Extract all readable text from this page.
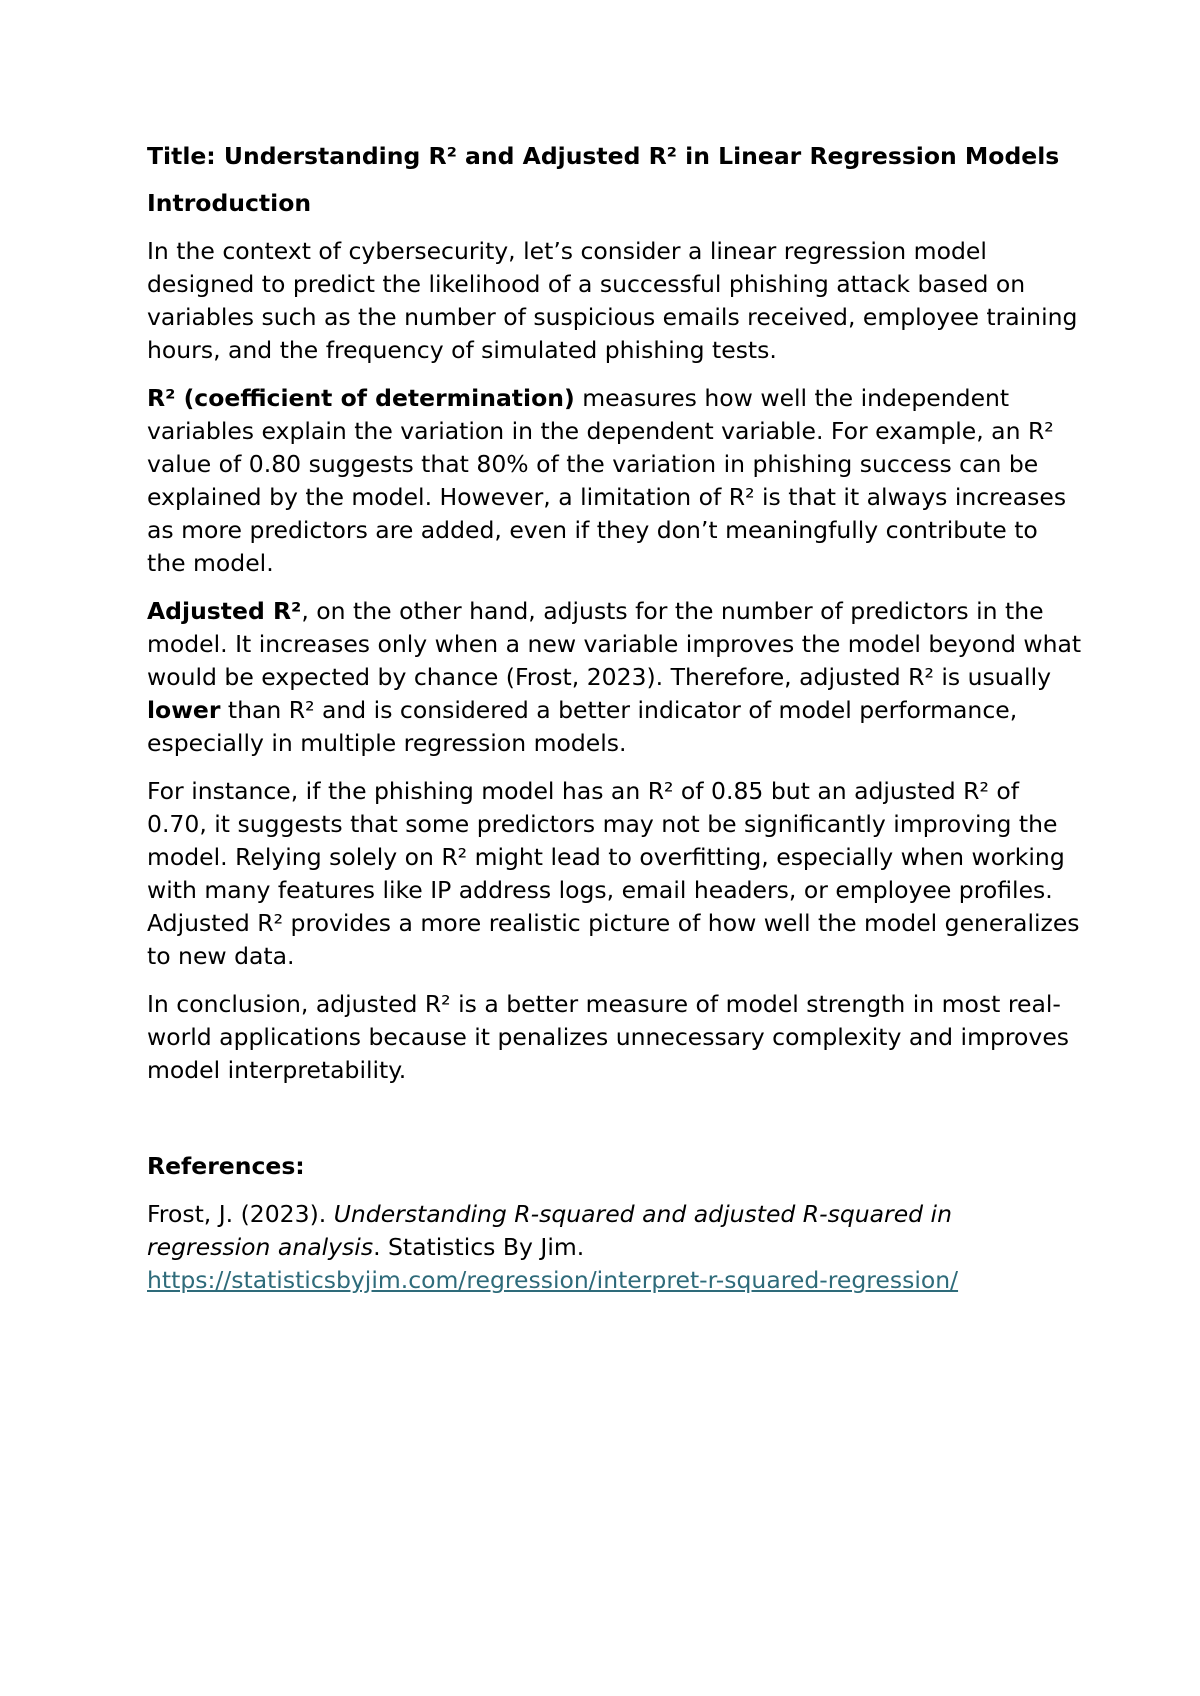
Title: Understanding R² and Adjusted R² in Linear Regression Models
Introduction

In the context of cybersecurity, let’s consider a linear regression model designed to predict the likelihood of a successful phishing attack based on variables such as the number of suspicious emails received, employee training hours, and the frequency of simulated phishing tests.

R² (coefficient of determination) measures how well the independent variables explain the variation in the dependent variable. For example, an R² value of 0.80 suggests that 80% of the variation in phishing success can be explained by the model. However, a limitation of R² is that it always increases as more predictors are added, even if they don’t meaningfully contribute to the model.

Adjusted R², on the other hand, adjusts for the number of predictors in the model. It increases only when a new variable improves the model beyond what would be expected by chance (Frost, 2023). Therefore, adjusted R² is usually lower than R² and is considered a better indicator of model performance, especially in multiple regression models.

For instance, if the phishing model has an R² of 0.85 but an adjusted R² of 0.70, it suggests that some predictors may not be significantly improving the model. Relying solely on R² might lead to overfitting, especially when working with many features like IP address logs, email headers, or employee profiles. Adjusted R² provides a more realistic picture of how well the model generalizes to new data.

In conclusion, adjusted R² is a better measure of model strength in most real-world applications because it penalizes unnecessary complexity and improves model interpretability.

References:

Frost, J. (2023). Understanding R-squared and adjusted R-squared in regression analysis. Statistics By Jim.
https://statisticsbyjim.com/regression/interpret-r-squared-regression/
